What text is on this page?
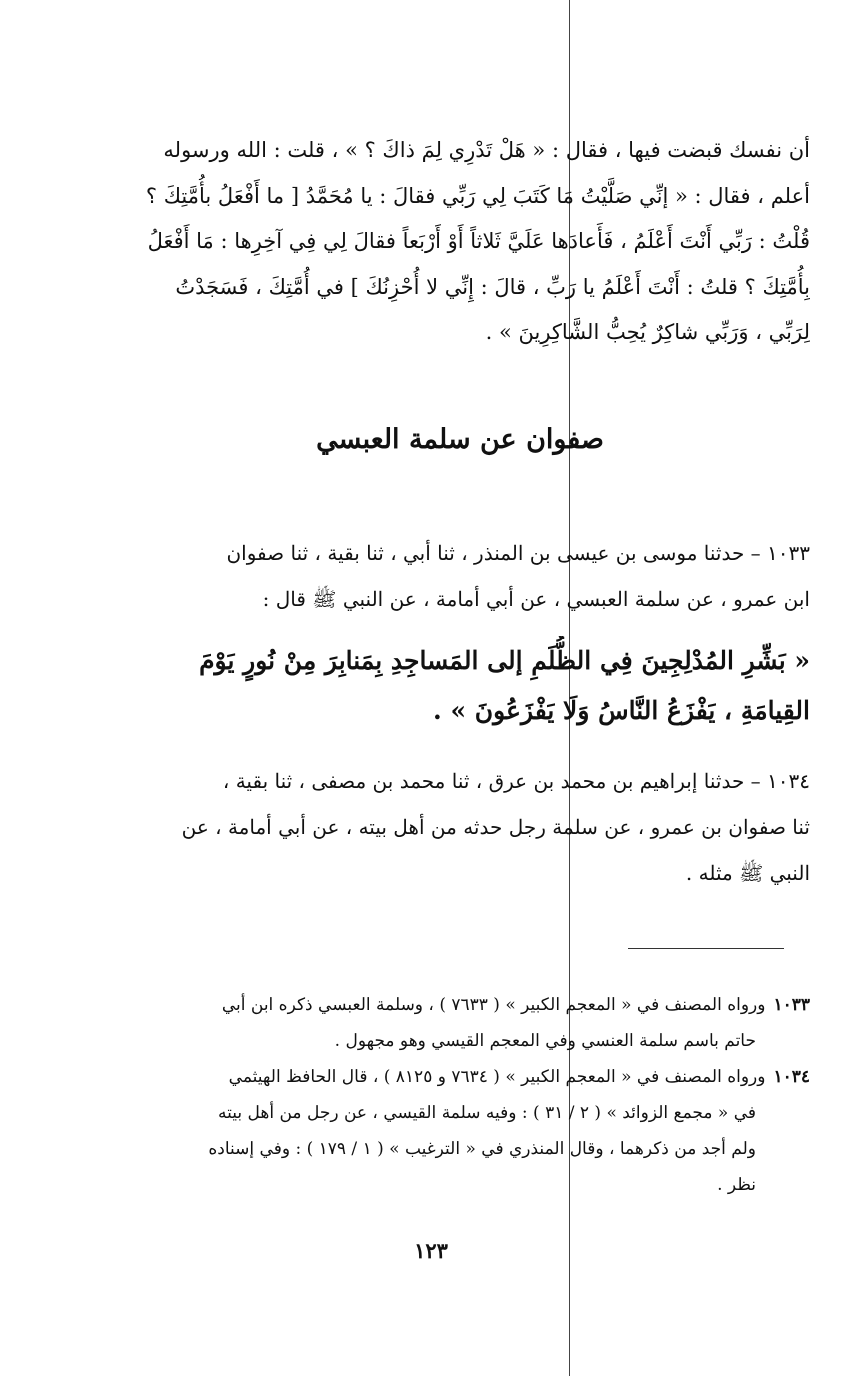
أن نفسك قبضت فيها ، فقال : « هَلْ تَدْرِي لِمَ ذاكَ ؟ » ، قلت : الله ورسوله
أعلم ، فقال : « إنِّي صَلَّيْتُ مَا كَتَبَ لِي رَبِّي فقالَ : يا مُحَمَّدُ [ ما أَفْعَلُ بأُمَّتِكَ ؟
قُلْتُ : رَبِّي أَنْتَ أَعْلَمُ ، فَأَعادَها عَلَيَّ ثَلاثاً أَوْ أَرْبَعاً فقالَ لِي فِي آخِرِها : مَا أَفْعَلُ
بِأُمَّتِكَ ؟ قلتُ : أَنْتَ أَعْلَمُ يا رَبِّ ، قالَ : إِنِّي لا أُحْزِنُكَ ] في أُمَّتِكَ ، فَسَجَدْتُ
لِرَبِّي ، وَرَبِّي شاكِرٌ يُحِبُّ الشَّاكِرِينَ » .
صفوان عن سلمة العبسي
١٠٣٣ – حدثنا موسى بن عيسى بن المنذر ، ثنا أبي ، ثنا بقية ، ثنا صفوان
ابن عمرو ، عن سلمة العبسي ، عن أبي أمامة ، عن النبي ﷺ قال :
« بَشِّرِ المُدْلِجِينَ فِي الظُّلَمِ إلى المَساجِدِ بِمَنابِرَ مِنْ نُورٍ يَوْمَ
القِيامَةِ ، يَفْزَعُ النَّاسُ وَلَا يَفْزَعُونَ » .
١٠٣٤ – حدثنا إبراهيم بن محمد بن عرق ، ثنا محمد بن مصفى ، ثنا بقية ،
ثنا صفوان بن عمرو ، عن سلمة رجل حدثه من أهل بيته ، عن أبي أمامة ، عن
النبي ﷺ مثله .
١٠٣٣ورواه المصنف في « المعجم الكبير » ( ٧٦٣٣ ) ، وسلمة العبسي ذكره ابن أبي
حاتم باسم سلمة العنسي وفي المعجم القيسي وهو مجهول .
١٠٣٤ورواه المصنف في « المعجم الكبير » ( ٧٦٣٤ و ٨١٢٥ ) ، قال الحافظ الهيثمي
في « مجمع الزوائد » ( ٢ / ٣١ ) : وفيه سلمة القيسي ، عن رجل من أهل بيته
ولم أجد من ذكرهما ، وقال المنذري في « الترغيب » ( ١ / ١٧٩ ) : وفي إسناده
نظر .
١٢٣
